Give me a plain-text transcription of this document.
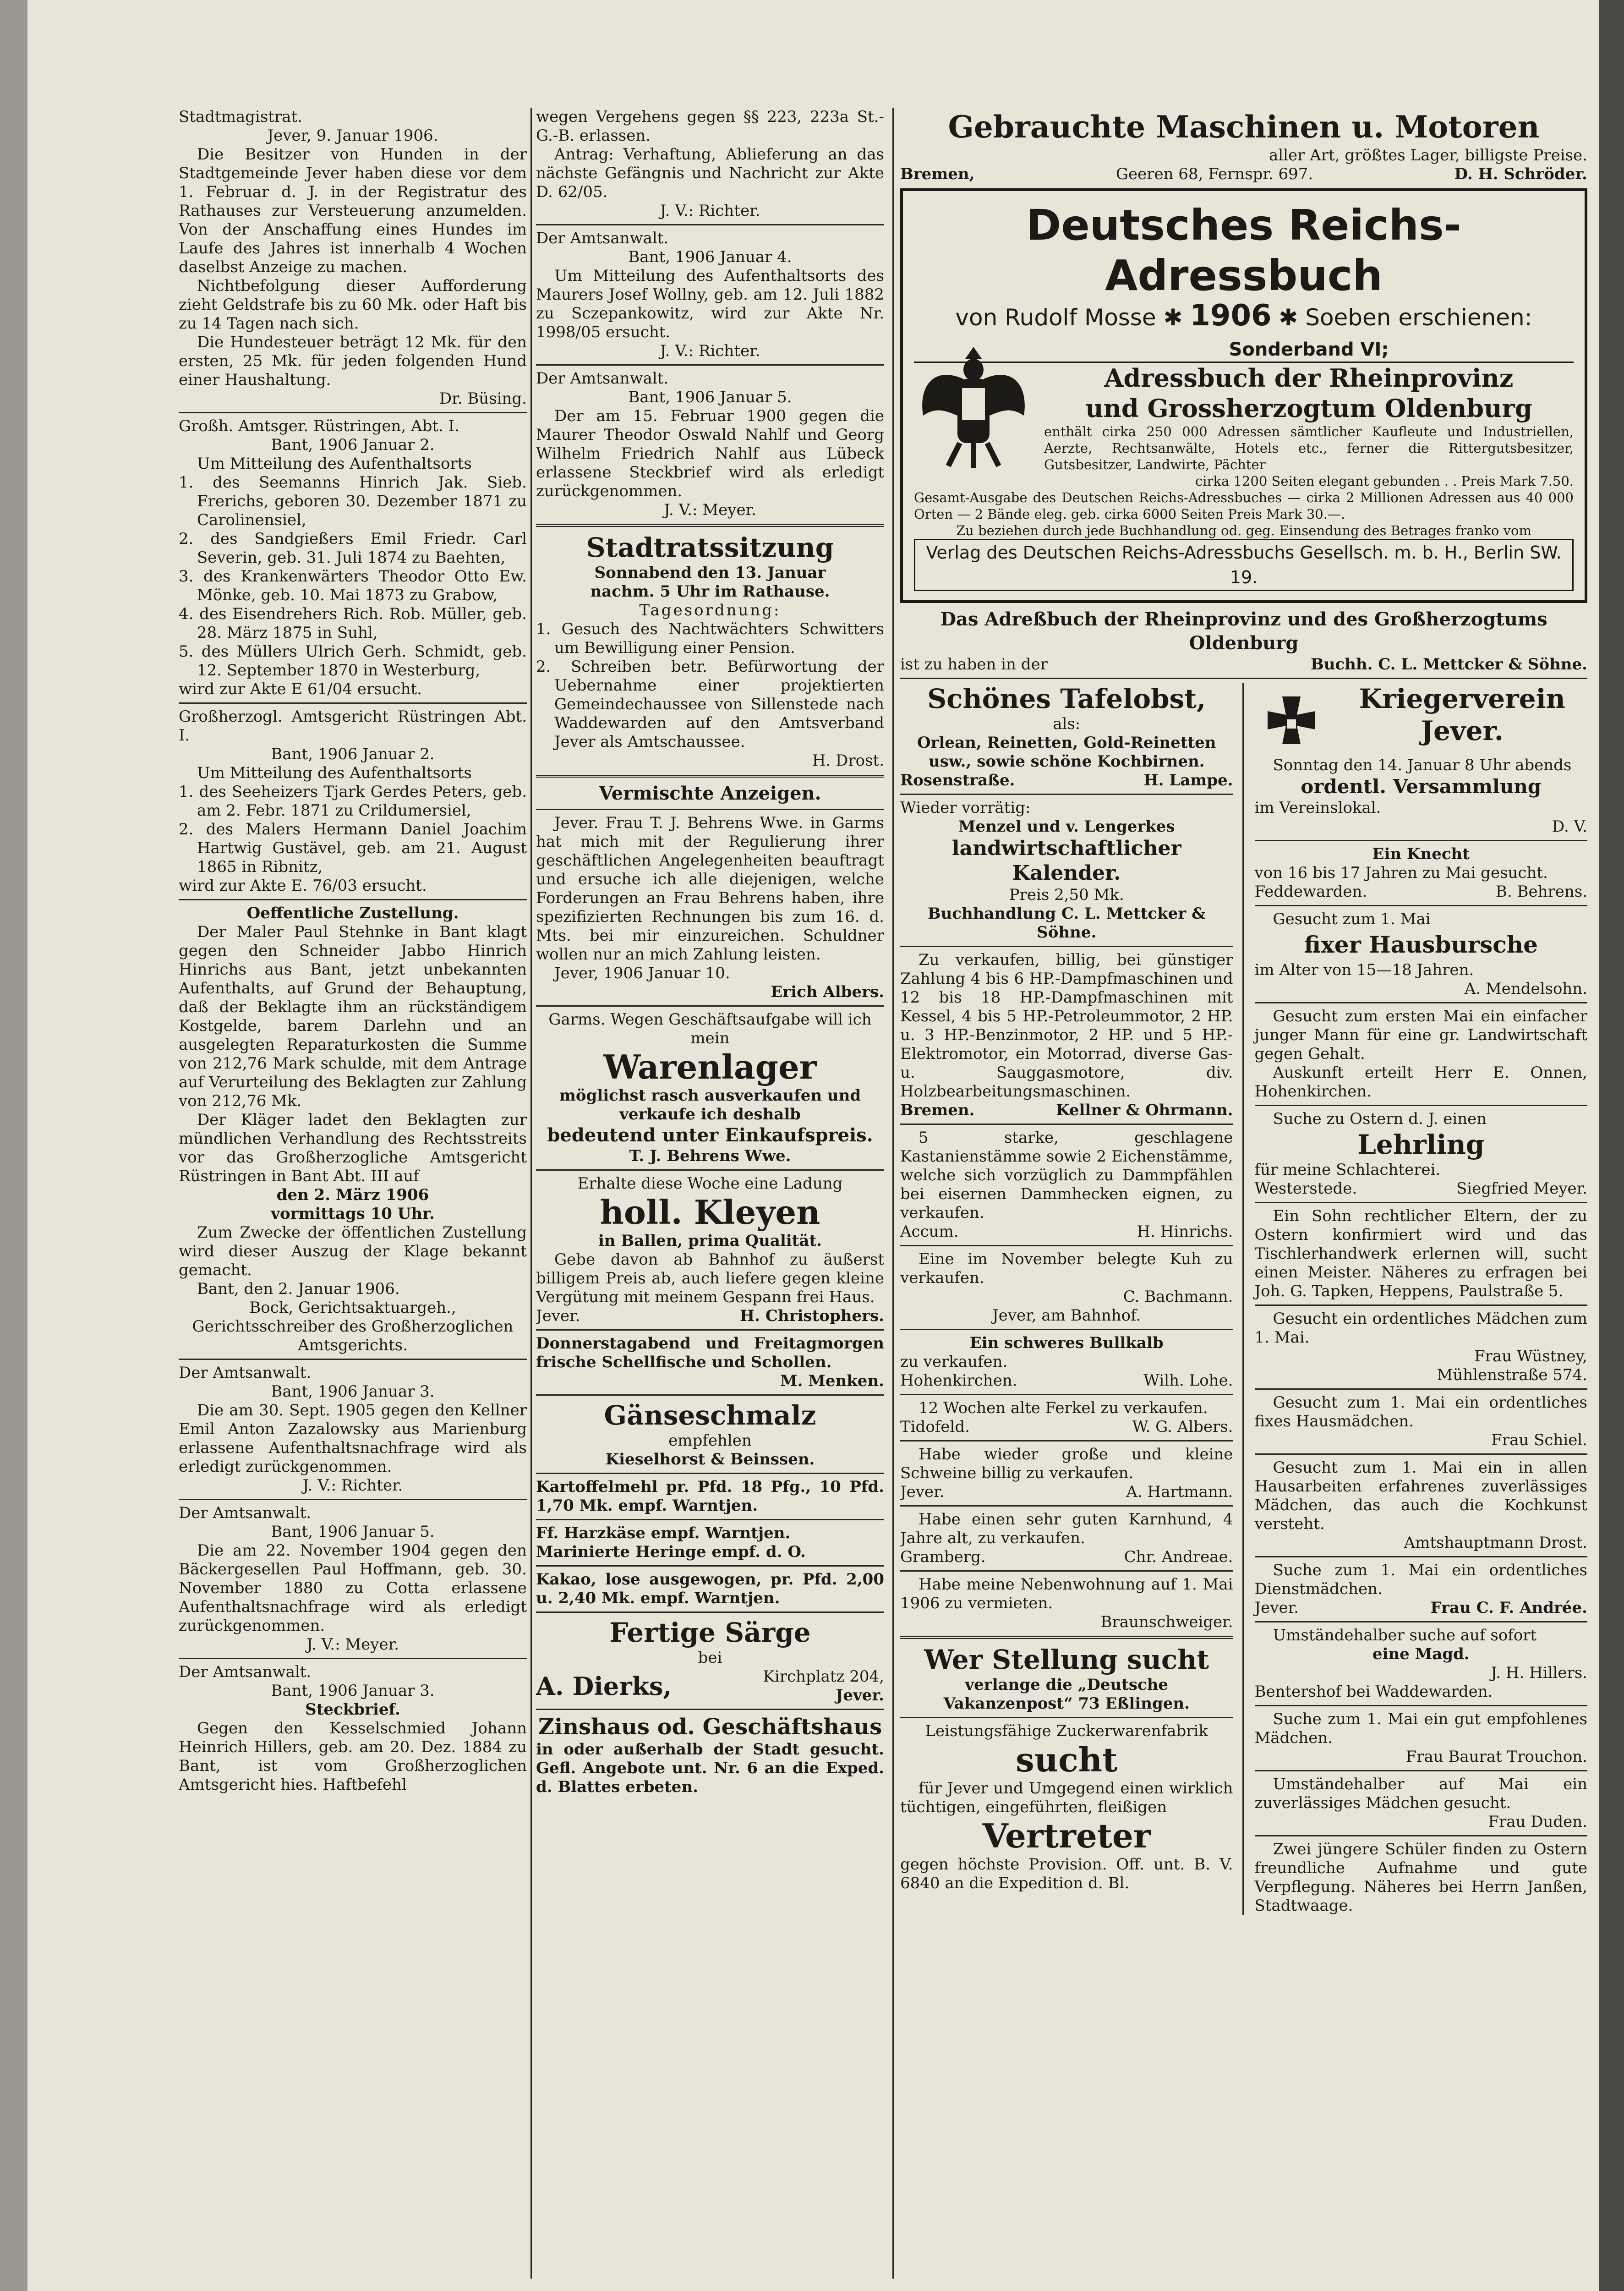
Stadtmagistrat.

Jever, 9. Januar 1906.

Die Besitzer von Hunden in der Stadtgemeinde Jever haben diese vor dem 1. Februar d. J. in der Registratur des Rathauses zur Versteuerung anzumelden. Von der Anschaffung eines Hundes im Laufe des Jahres ist innerhalb 4 Wochen daselbst Anzeige zu machen.

Nichtbefolgung dieser Aufforderung zieht Geldstrafe bis zu 60 Mk. oder Haft bis zu 14 Tagen nach sich.

Die Hundesteuer beträgt 12 Mk. für den ersten, 25 Mk. für jeden folgenden Hund einer Haushaltung.

Dr. Büsing.

Großh. Amtsger. Rüstringen, Abt. I.

Bant, 1906 Januar 2.

Um Mitteilung des Aufenthaltsorts

1. des Seemanns Hinrich Jak. Sieb. Frerichs, geboren 30. Dezember 1871 zu Carolinensiel,

2. des Sandgießers Emil Friedr. Carl Severin, geb. 31. Juli 1874 zu Baehten,

3. des Krankenwärters Theodor Otto Ew. Mönke, geb. 10. Mai 1873 zu Grabow,

4. des Eisendrehers Rich. Rob. Müller, geb. 28. März 1875 in Suhl,

5. des Müllers Ulrich Gerh. Schmidt, geb. 12. September 1870 in Westerburg,

wird zur Akte E 61/04 ersucht.

Großherzogl. Amtsgericht Rüstringen Abt. I.

Bant, 1906 Januar 2.

Um Mitteilung des Aufenthaltsorts

1. des Seeheizers Tjark Gerdes Peters, geb. am 2. Febr. 1871 zu Crildumersiel,

2. des Malers Hermann Daniel Joachim Hartwig Gustävel, geb. am 21. August 1865 in Ribnitz,

wird zur Akte E. 76/03 ersucht.

Oeffentliche Zustellung.

Der Maler Paul Stehnke in Bant klagt gegen den Schneider Jabbo Hinrich Hinrichs aus Bant, jetzt unbekannten Aufenthalts, auf Grund der Behauptung, daß der Beklagte ihm an rückständigem Kostgelde, barem Darlehn und an ausgelegten Reparaturkosten die Summe von 212,76 Mark schulde, mit dem Antrage auf Verurteilung des Beklagten zur Zahlung von 212,76 Mk.

Der Kläger ladet den Beklagten zur mündlichen Verhandlung des Rechtsstreits vor das Großherzogliche Amtsgericht Rüstringen in Bant Abt. III auf

den 2. März 1906

vormittags 10 Uhr.

Zum Zwecke der öffentlichen Zustellung wird dieser Auszug der Klage bekannt gemacht.

Bant, den 2. Januar 1906.

Bock, Gerichtsaktuargeh.,

Gerichtsschreiber des Großherzoglichen Amtsgerichts.

Der Amtsanwalt.

Bant, 1906 Januar 3.

Die am 30. Sept. 1905 gegen den Kellner Emil Anton Zazalowsky aus Marienburg erlassene Aufenthaltsnachfrage wird als erledigt zurückgenommen.

J. V.: Richter.

Der Amtsanwalt.

Bant, 1906 Januar 5.

Die am 22. November 1904 gegen den Bäckergesellen Paul Hoffmann, geb. 30. November 1880 zu Cotta erlassene Aufenthaltsnachfrage wird als erledigt zurückgenommen.

J. V.: Meyer.

Der Amtsanwalt.

Bant, 1906 Januar 3.

Steckbrief.

Gegen den Kesselschmied Johann Heinrich Hillers, geb. am 20. Dez. 1884 zu Bant, ist vom Großherzoglichen Amtsgericht hies. Haftbefehl

wegen Vergehens gegen §§ 223, 223a St.-G.-B. erlassen.

Antrag: Verhaftung, Ablieferung an das nächste Gefängnis und Nachricht zur Akte D. 62/05.

J. V.: Richter.

Der Amtsanwalt.

Bant, 1906 Januar 4.

Um Mitteilung des Aufenthaltsorts des Maurers Josef Wollny, geb. am 12. Juli 1882 zu Sczepankowitz, wird zur Akte Nr. 1998/05 ersucht.

J. V.: Richter.

Der Amtsanwalt.

Bant, 1906 Januar 5.

Der am 15. Februar 1900 gegen die Maurer Theodor Oswald Nahlf und Georg Wilhelm Friedrich Nahlf aus Lübeck erlassene Steckbrief wird als erledigt zurückgenommen.

J. V.: Meyer.

Stadtratssitzung

Sonnabend den 13. Januar

nachm. 5 Uhr im Rathause.

Tagesordnung:

1. Gesuch des Nachtwächters Schwitters um Bewilligung einer Pension.

2. Schreiben betr. Befürwortung der Uebernahme einer projektierten Gemeindechaussee von Sillenstede nach Waddewarden auf den Amtsverband Jever als Amtschaussee.

H. Drost.

Vermischte Anzeigen.

Jever. Frau T. J. Behrens Wwe. in Garms hat mich mit der Regulierung ihrer geschäftlichen Angelegenheiten beauftragt und ersuche ich alle diejenigen, welche Forderungen an Frau Behrens haben, ihre spezifizierten Rechnungen bis zum 16. d. Mts. bei mir einzureichen. Schuldner wollen nur an mich Zahlung leisten.

Jever, 1906 Januar 10.

Erich Albers.

Garms. Wegen Geschäftsaufgabe will ich mein

Warenlager

möglichst rasch ausverkaufen und verkaufe ich deshalb

bedeutend unter Einkaufspreis.

T. J. Behrens Wwe.

Erhalte diese Woche eine Ladung

holl. Kleyen

in Ballen, prima Qualität.

Gebe davon ab Bahnhof zu äußerst billigem Preis ab, auch liefere gegen kleine Vergütung mit meinem Gespann frei Haus.

Jever.	H. Christophers.

Donnerstagabend und Freitagmorgen frische Schellfische und Schollen.

M. Menken.

Gänseschmalz

empfehlen

Kieselhorst & Beinssen.

Kartoffelmehl pr. Pfd. 18 Pfg., 10 Pfd. 1,70 Mk. empf. Warntjen.

Ff. Harzkäse empf. Warntjen.

Marinierte Heringe empf. d. O.

Kakao, lose ausgewogen, pr. Pfd. 2,00 u. 2,40 Mk. empf. Warntjen.

Fertige Särge

bei

A. Dierks,	Kirchplatz 204,
Jever.

Zinshaus od. Geschäftshaus

in oder außerhalb der Stadt gesucht. Gefl. Angebote unt. Nr. 6 an die Exped. d. Blattes erbeten.

Gebrauchte Maschinen u. Motoren

aller Art, größtes Lager, billigste Preise.

Bremen,	Geeren 68, Fernspr. 697.	D. H. Schröder.

Deutsches Reichs-Adressbuch

von Rudolf Mosse ✱ 1906 ✱ Soeben erschienen:

Sonderband VI;

Adressbuch der Rheinprovinz

und Grossherzogtum Oldenburg

enthält cirka 250 000 Adressen sämtlicher Kaufleute und Industriellen, Aerzte, Rechtsanwälte, Hotels etc., ferner die Rittergutsbesitzer, Gutsbesitzer, Landwirte, Pächter

cirka 1200 Seiten elegant gebunden . . Preis Mark 7.50.

Gesamt-Ausgabe des Deutschen Reichs-Adressbuches — cirka 2 Millionen Adressen aus 40 000 Orten — 2 Bände eleg. geb. cirka 6000 Seiten Preis Mark 30.—.

Zu beziehen durch jede Buchhandlung od. geg. Einsendung des Betrages franko vom

Verlag des Deutschen Reichs-Adressbuchs Gesellsch. m. b. H., Berlin SW. 19.

Das Adreßbuch der Rheinprovinz und des Großherzogtums Oldenburg

ist zu haben in der	Buchh. C. L. Mettcker & Söhne.

Schönes Tafelobst,

als:

Orlean, Reinetten, Gold-Reinetten usw., sowie schöne Kochbirnen.

Rosenstraße.	H. Lampe.

Wieder vorrätig:

Menzel und v. Lengerkes

landwirtschaftlicher Kalender.

Preis 2,50 Mk.

Buchhandlung C. L. Mettcker & Söhne.

Zu verkaufen, billig, bei günstiger Zahlung 4 bis 6 HP.-Dampfmaschinen und 12 bis 18 HP.-Dampfmaschinen mit Kessel, 4 bis 5 HP.-Petroleummotor, 2 HP. u. 3 HP.-Benzinmotor, 2 HP. und 5 HP.-Elektromotor, ein Motorrad, diverse Gas- u. Sauggasmotore, div. Holzbearbeitungsmaschinen.

Bremen.	Kellner & Ohrmann.

5 starke, geschlagene Kastanienstämme sowie 2 Eichenstämme, welche sich vorzüglich zu Dammpfählen bei eisernen Dammhecken eignen, zu verkaufen.

Accum.	H. Hinrichs.

Eine im November belegte Kuh zu verkaufen.

C. Bachmann.

Jever, am Bahnhof.

Ein schweres Bullkalb

zu verkaufen.

Hohenkirchen.	Wilh. Lohe.

12 Wochen alte Ferkel zu verkaufen.

Tidofeld.	W. G. Albers.

Habe wieder große und kleine Schweine billig zu verkaufen.

Jever.	A. Hartmann.

Habe einen sehr guten Karnhund, 4 Jahre alt, zu verkaufen.

Gramberg.	Chr. Andreae.

Habe meine Nebenwohnung auf 1. Mai 1906 zu vermieten.

Braunschweiger.

Wer Stellung sucht

verlange die „Deutsche Vakanzenpost“ 73 Eßlingen.

Leistungsfähige Zuckerwarenfabrik

sucht

für Jever und Umgegend einen wirklich tüchtigen, eingeführten, fleißigen

Vertreter

gegen höchste Provision. Off. unt. B. V. 6840 an die Expedition d. Bl.

Kriegerverein

Jever.

Sonntag den 14. Januar 8 Uhr abends

ordentl. Versammlung

im Vereinslokal.

D. V.

Ein Knecht

von 16 bis 17 Jahren zu Mai gesucht.

Feddewarden.	B. Behrens.

Gesucht zum 1. Mai

fixer Hausbursche

im Alter von 15—18 Jahren.

A. Mendelsohn.

Gesucht zum ersten Mai ein einfacher junger Mann für eine gr. Landwirtschaft gegen Gehalt.

Auskunft erteilt Herr E. Onnen, Hohenkirchen.

Suche zu Ostern d. J. einen

Lehrling

für meine Schlachterei.

Westerstede.	Siegfried Meyer.

Ein Sohn rechtlicher Eltern, der zu Ostern konfirmiert wird und das Tischlerhandwerk erlernen will, sucht einen Meister. Näheres zu erfragen bei Joh. G. Tapken, Heppens, Paulstraße 5.

Gesucht ein ordentliches Mädchen zum 1. Mai.

Frau Wüstney,

Mühlenstraße 574.

Gesucht zum 1. Mai ein ordentliches fixes Hausmädchen.

Frau Schiel.

Gesucht zum 1. Mai ein in allen Hausarbeiten erfahrenes zuverlässiges Mädchen, das auch die Kochkunst versteht.

Amtshauptmann Drost.

Suche zum 1. Mai ein ordentliches Dienstmädchen.

Jever.	Frau C. F. Andrée.

Umständehalber suche auf sofort

eine Magd.

J. H. Hillers.

Bentershof bei Waddewarden.

Suche zum 1. Mai ein gut empfohlenes Mädchen.

Frau Baurat Trouchon.

Umständehalber auf Mai ein zuverlässiges Mädchen gesucht.

Frau Duden.

Zwei jüngere Schüler finden zu Ostern freundliche Aufnahme und gute Verpflegung. Näheres bei Herrn Janßen, Stadtwaage.
